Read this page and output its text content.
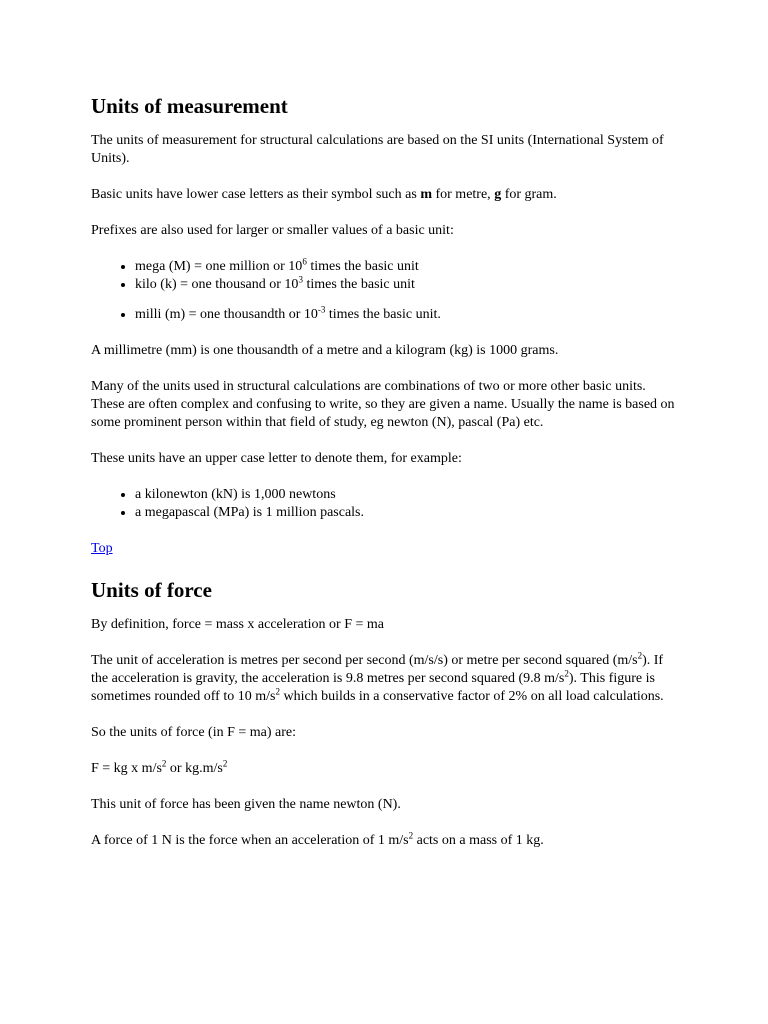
Units of measurement

The units of measurement for structural calculations are based on the SI units (International System of Units).

Basic units have lower case letters as their symbol such as m for metre, g for gram.

Prefixes are also used for larger or smaller values of a basic unit:

• mega (M) = one million or $10^6$ times the basic unit
• kilo (k) = one thousand or $10^3$ times the basic unit
• milli (m) = one thousandth or $10^{-3}$ times the basic unit.

A millimetre (mm) is one thousandth of a metre and a kilogram (kg) is 1000 grams.

Many of the units used in structural calculations are combinations of two or more other basic units. These are often complex and confusing to write, so they are given a name. Usually the name is based on some prominent person within that field of study, eg newton (N), pascal (Pa) etc.

These units have an upper case letter to denote them, for example:

• a kilonewton (kN) is 1,000 newtons
• a megapascal (MPa) is 1 million pascals.

Top

Units of force

By definition, force = mass x acceleration or F = ma

The unit of acceleration is metres per second per second (m/s/s) or metre per second squared $(m/s^2)$. If the acceleration is gravity, the acceleration is 9.8 metres per second squared (9.8 $m/s^2$). This figure is sometimes rounded off to 10 $m/s^2$ which builds in a conservative factor of 2% on all load calculations.

So the units of force (in F = ma) are:

F = kg x $m/s^2$ or $kg.m/s^2$

This unit of force has been given the name newton (N).

A force of 1 N is the force when an acceleration of 1 $m/s^2$ acts on a mass of 1 kg.
